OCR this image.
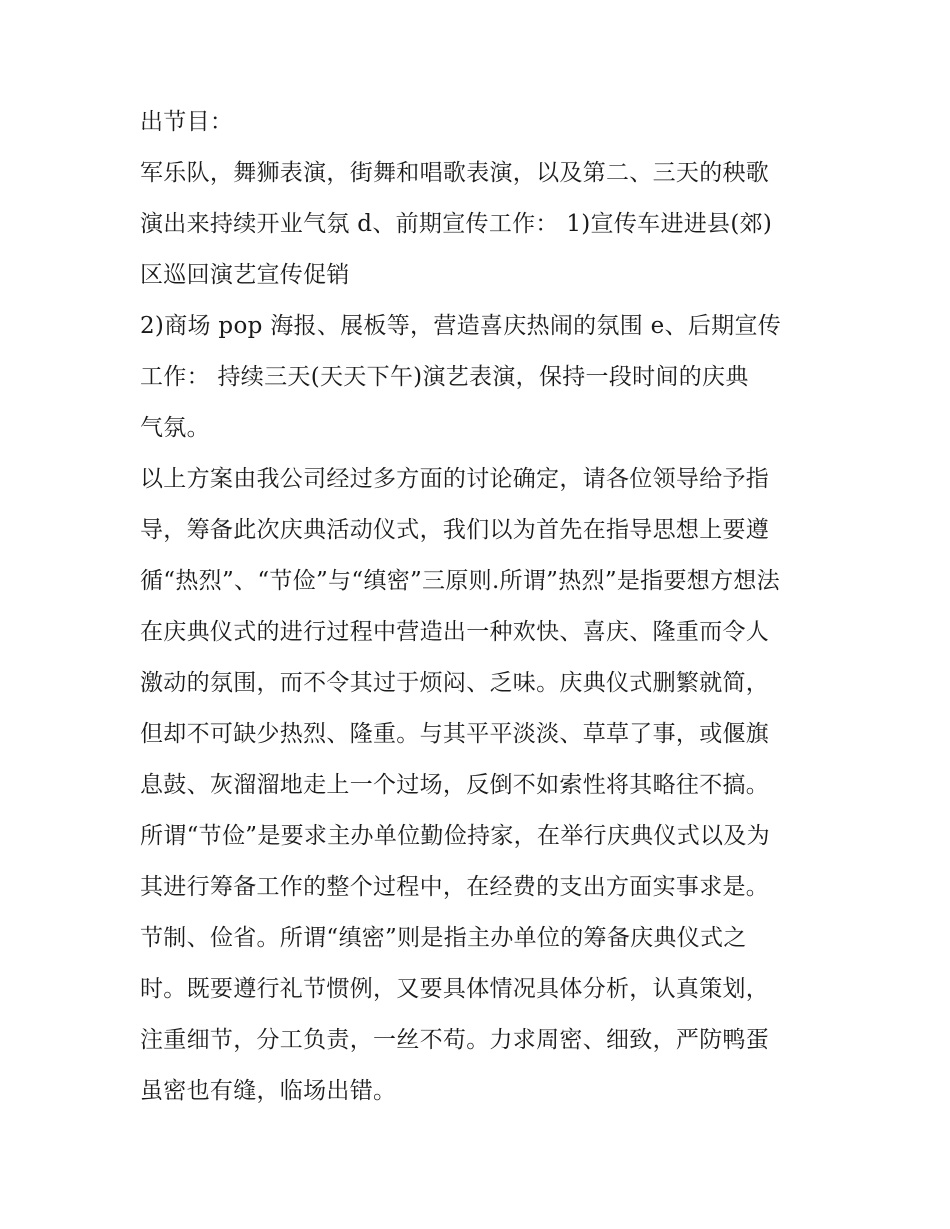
出节目：
军乐队，舞狮表演，街舞和唱歌表演，以及第二、三天的秧歌
演出来持续开业气氛 d、前期宣传工作： 1)宣传车进进县(郊)
区巡回演艺宣传促销
2)商场 pop 海报、展板等，营造喜庆热闹的氛围 e、后期宣传
工作： 持续三天(天天下午)演艺表演，保持一段时间的庆典
气氛。
以上方案由我公司经过多方面的讨论确定，请各位领导给予指
导，筹备此次庆典活动仪式，我们以为首先在指导思想上要遵
循“热烈”、“节俭”与“缜密”三原则.所谓”热烈”是指要想方想法
在庆典仪式的进行过程中营造出一种欢快、喜庆、隆重而令人
激动的氛围，而不令其过于烦闷、乏味。庆典仪式删繁就简，
但却不可缺少热烈、隆重。与其平平淡淡、草草了事，或偃旗
息鼓、灰溜溜地走上一个过场，反倒不如索性将其略往不搞。
所谓“节俭”是要求主办单位勤俭持家，在举行庆典仪式以及为
其进行筹备工作的整个过程中，在经费的支出方面实事求是。
节制、俭省。所谓“缜密”则是指主办单位的筹备庆典仪式之
时。既要遵行礼节惯例，又要具体情况具体分析，认真策划，
注重细节，分工负责，一丝不苟。力求周密、细致，严防鸭蛋
虽密也有缝，临场出错。
